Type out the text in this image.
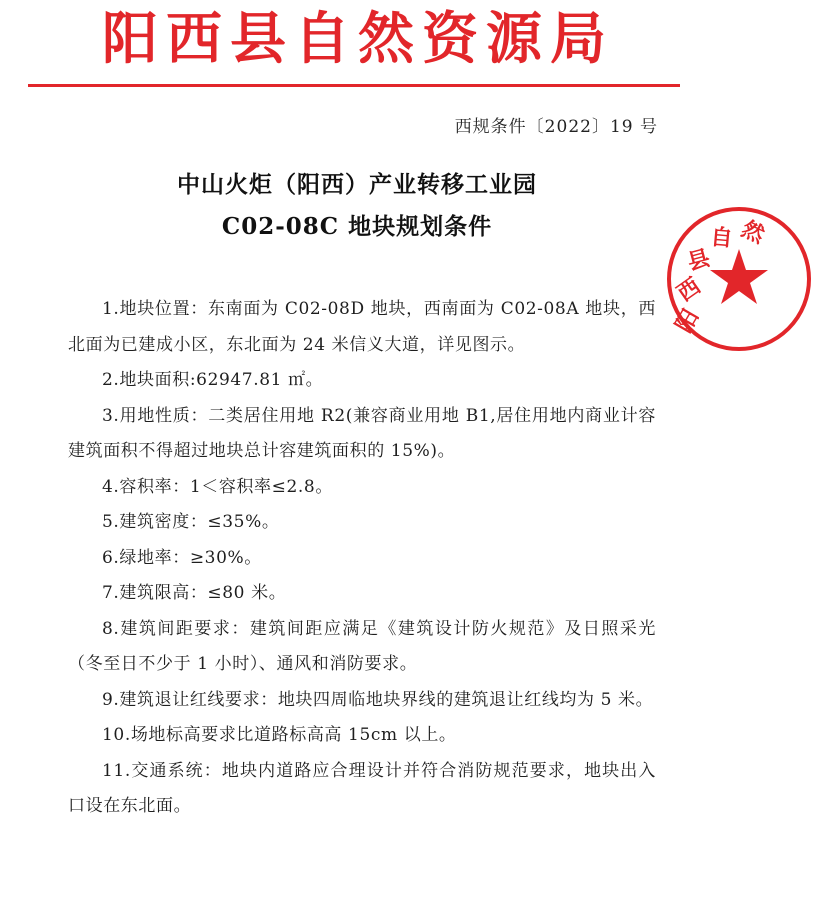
阳西县自然资源局
西规条件〔2022〕19 号
中山火炬（阳西）产业转移工业园
C02-08C 地块规划条件
阳
西
县
自 然

1.地块位置：东南面为 C02-08D 地块，西南面为 C02-08A 地块，西北面为已建成小区，东北面为 24 米信义大道，详见图示。

2.地块面积:62947.81 ㎡。

3.用地性质：二类居住用地 R2(兼容商业用地 B1,居住用地内商业计容建筑面积不得超过地块总计容建筑面积的 15%)。

4.容积率：1＜容积率≤2.8。

5.建筑密度：≤35%。

6.绿地率：≥30%。

7.建筑限高：≤80 米。

8.建筑间距要求：建筑间距应满足《建筑设计防火规范》及日照采光（冬至日不少于 1 小时）、通风和消防要求。

9.建筑退让红线要求：地块四周临地块界线的建筑退让红线均为 5 米。

10.场地标高要求比道路标高高 15cm 以上。

11.交通系统：地块内道路应合理设计并符合消防规范要求，地块出入口设在东北面。
